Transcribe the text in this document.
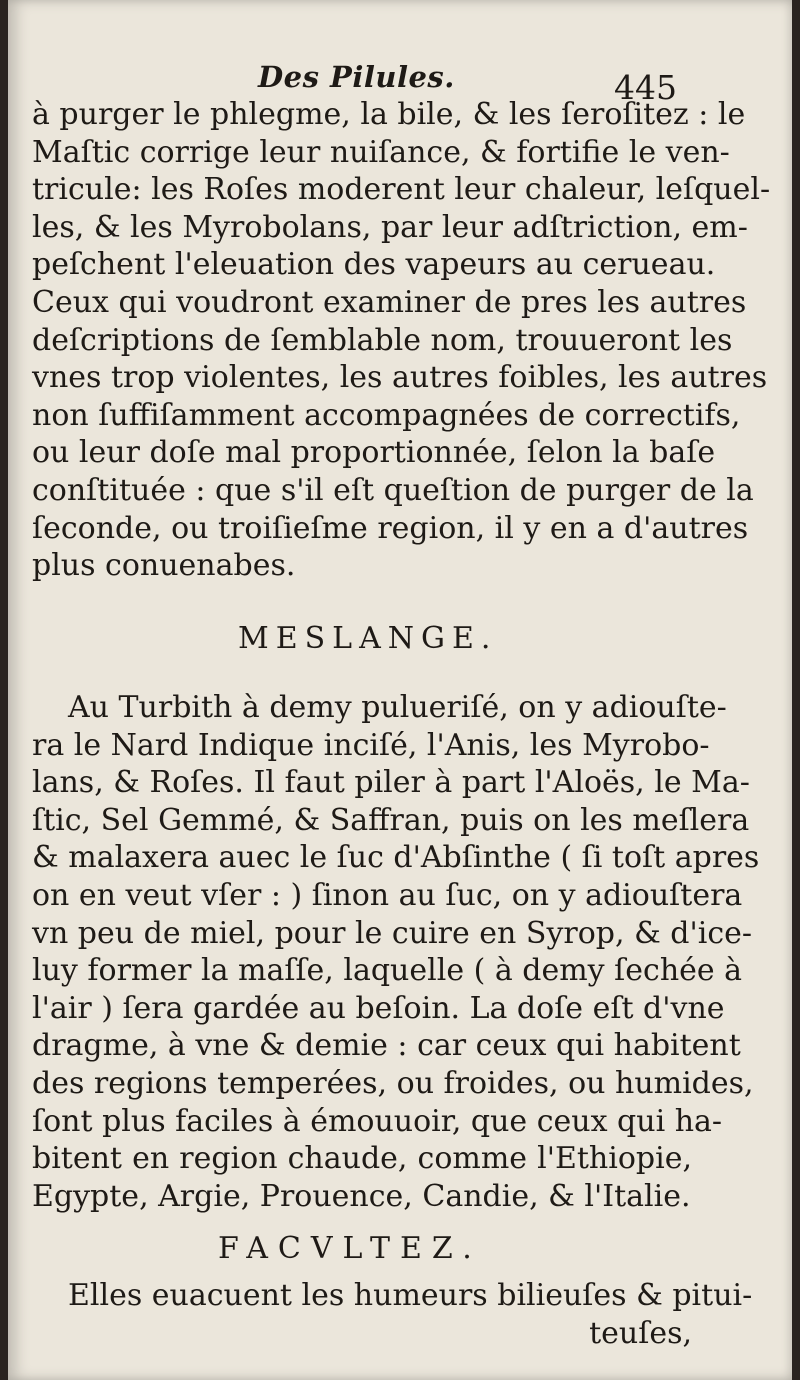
Des Pilules.	445

à purger le phlegme, la bile, & les ſeroſitez : le
Maſtic corrige leur nuiſance, & fortifie le ven-
tricule: les Roſes moderent leur chaleur, leſquel-
les, & les Myrobolans, par leur adſtriction, em-
peſchent l'eleuation des vapeurs au cerueau.
Ceux qui voudront examiner de pres les autres
deſcriptions de ſemblable nom, trouueront les
vnes trop violentes, les autres foibles, les autres
non ſuffiſamment accompagnées de correctifs,
ou leur doſe mal proportionnée, ſelon la baſe
conſtituée : que s'il eſt queſtion de purger de la
ſeconde, ou troiſieſme region, il y en a d'autres
plus conuenabes.

MESLANGE.

Au Turbith à demy pulueriſé, on y adiouſte-
ra le Nard Indique inciſé, l'Anis, les Myrobo-
lans, & Roſes. Il faut piler à part l'Aloës, le Ma-
ſtic, Sel Gemmé, & Saffran, puis on les meſlera
& malaxera auec le ſuc d'Abſinthe ( ſi toſt apres
on en veut vſer : ) ſinon au ſuc, on y adiouſtera
vn peu de miel, pour le cuire en Syrop, & d'ice-
luy former la maſſe, laquelle ( à demy ſechée à
l'air ) ſera gardée au beſoin. La doſe eſt d'vne
dragme, à vne & demie : car ceux qui habitent
des regions temperées, ou froides, ou humides,
ſont plus faciles à émouuoir, que ceux qui ha-
bitent en region chaude, comme l'Ethiopie,
Egypte, Argie, Prouence, Candie, & l'Italie.

FACVLTEZ.

Elles euacuent les humeurs bilieuſes & pitui-
teuſes,
